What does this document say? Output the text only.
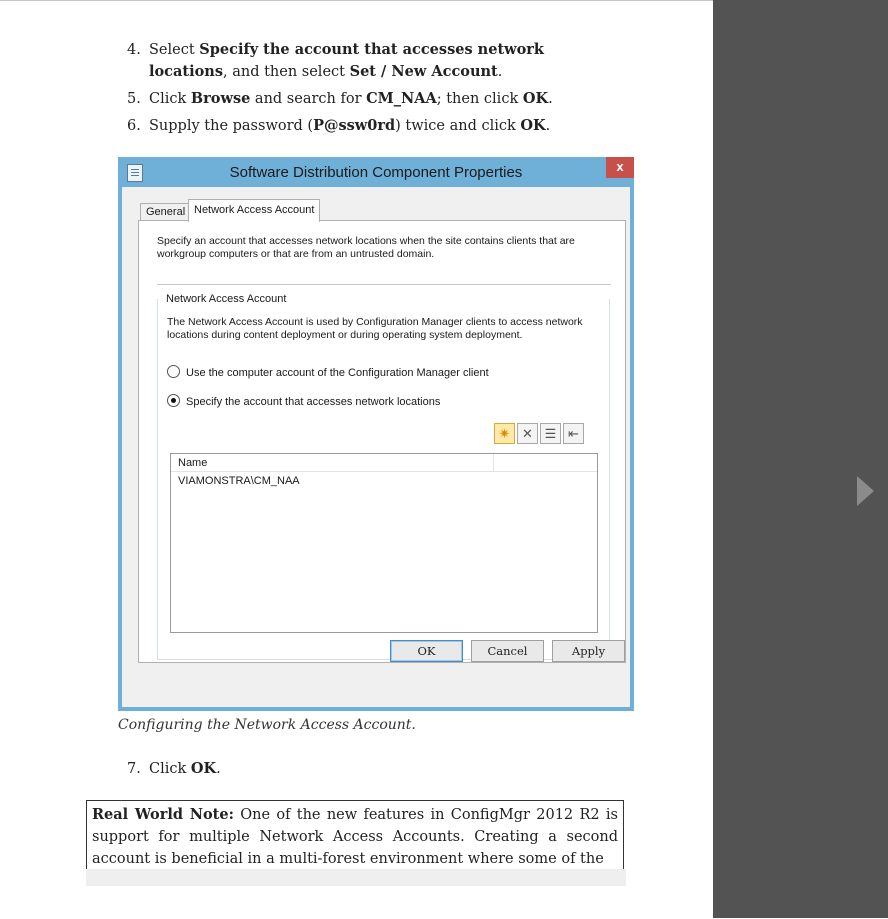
4. Select Specify the account that accesses network locations, and then select Set / New Account.
5. Click Browse and search for CM_NAA; then click OK.
6. Supply the password (P@ssw0rd) twice and click OK.
Software Distribution Component Properties	x
General Network Access Account
Specify an account that accesses network locations when the site contains clients that are workgroup computers or that are from an untrusted domain.
Network Access Account
The Network Access Account is used by Configuration Manager clients to access network locations during content deployment or during operating system deployment.
Use the computer account of the Configuration Manager client
Specify the account that accesses network locations
✷ ✕ ☰ ⇤
Name
VIAMONSTRA\CM_NAA
OK	Cancel	Apply
Configuring the Network Access Account.
7. Click OK.
Real World Note: One of the new features in ConfigMgr 2012 R2 is support for multiple Network Access Accounts. Creating a second account is beneficial in a multi-forest environment where some of the
